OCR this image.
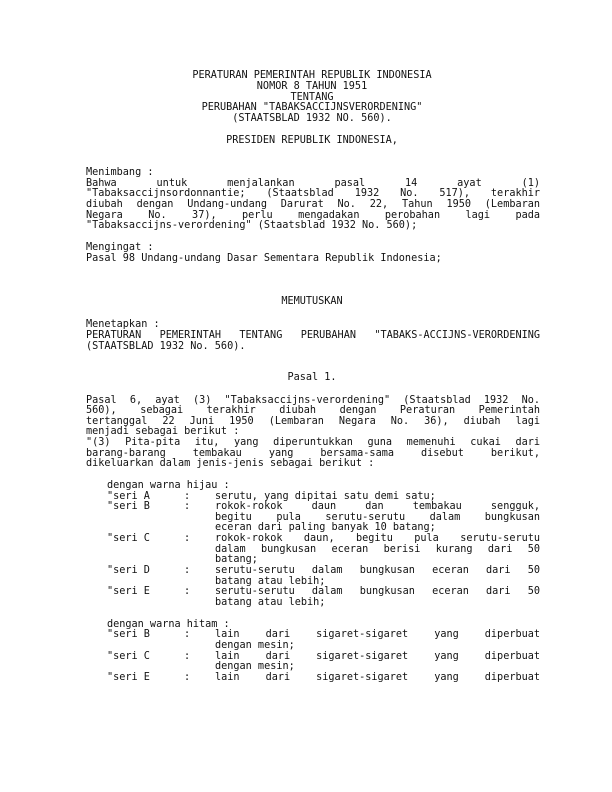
PERATURAN PEMERINTAH REPUBLIK INDONESIA
NOMOR 8 TAHUN 1951
TENTANG
PERUBAHAN "TABAKSACCIJNSVERORDENING"
(STAATSBLAD 1932 NO. 560).
PRESIDEN REPUBLIK INDONESIA,
Menimbang :
Bahwa untuk menjalankan pasal 14 ayat (1)
"Tabaksaccijnsordonnantie; (Staatsblad 1932 No. 517), terakhir
diubah dengan Undang-undang Darurat No. 22, Tahun 1950 (Lembaran
Negara No. 37), perlu mengadakan perobahan lagi pada
"Tabaksaccijns-verordening" (Staatsblad 1932 No. 560);
Mengingat :
Pasal 98 Undang-undang Dasar Sementara Republik Indonesia;
MEMUTUSKAN
Menetapkan :
PERATURAN PEMERINTAH TENTANG PERUBAHAN "TABAKS-ACCIJNS-VERORDENING
(STAATSBLAD 1932 No. 560).
Pasal 1.
Pasal 6, ayat (3) "Tabaksaccijns-verordening" (Staatsblad 1932 No.
560), sebagai terakhir diubah dengan Peraturan Pemerintah
tertanggal 22 Juni 1950 (Lembaran Negara No. 36), diubah lagi
menjadi sebagai berikut :
"(3) Pita-pita itu, yang diperuntukkan guna memenuhi cukai dari
barang-barang tembakau yang bersama-sama disebut berikut,
dikeluarkan dalam jenis-jenis sebagai berikut :
dengan warna hijau :
"seri A	: serutu, yang dipitai satu demi satu;
"seri B	: rokok-rokok daun dan tembakau sengguk,
begitu pula serutu-serutu dalam bungkusan
eceran dari paling banyak 10 batang;
"seri C	: rokok-rokok daun, begitu pula serutu-serutu
dalam bungkusan eceran berisi kurang dari 50
batang;
"seri D	: serutu-serutu dalam bungkusan eceran dari 50
batang atau lebih;
"seri E	: serutu-serutu dalam bungkusan eceran dari 50
batang atau lebih;
dengan warna hitam :
"seri B	: lain dari sigaret-sigaret yang diperbuat
dengan mesin;
"seri C	: lain dari sigaret-sigaret yang diperbuat
dengan mesin;
"seri E	: lain dari sigaret-sigaret yang diperbuat
